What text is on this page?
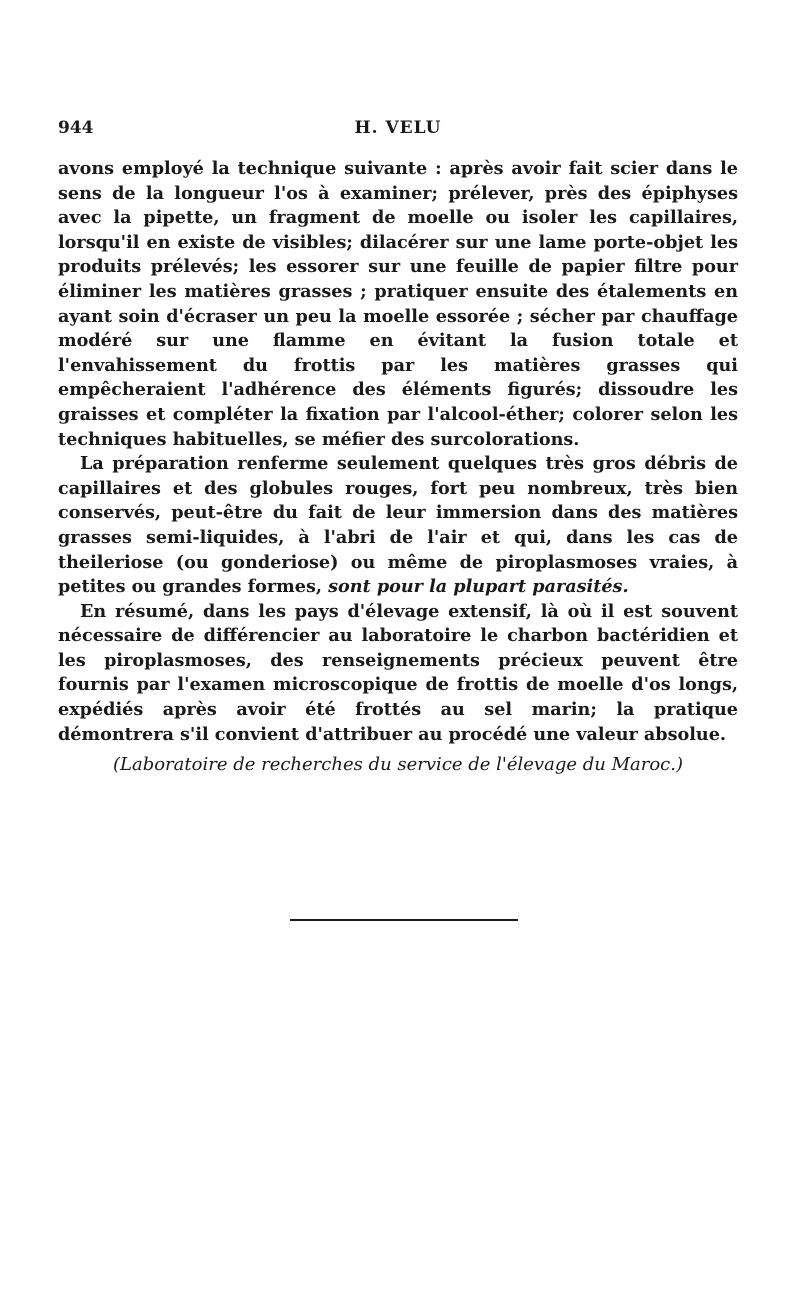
944	H. VELU

avons employé la technique suivante : après avoir fait scier dans le sens de la longueur l'os à examiner; prélever, près des épiphyses avec la pipette, un fragment de moelle ou isoler les capillaires, lorsqu'il en existe de visibles; dilacérer sur une lame porte-objet les produits prélevés; les essorer sur une feuille de papier filtre pour éliminer les matières grasses ; pratiquer ensuite des étalements en ayant soin d'écraser un peu la moelle essorée ; sécher par chauffage modéré sur une flamme en évitant la fusion totale et l'envahissement du frottis par les matières grasses qui empêcheraient l'adhérence des éléments figurés; dissoudre les graisses et compléter la fixation par l'alcool-éther; colorer selon les techniques habituelles, se méfier des surcolorations.

La préparation renferme seulement quelques très gros débris de capillaires et des globules rouges, fort peu nombreux, très bien conservés, peut-être du fait de leur immersion dans des matières grasses semi-liquides, à l'abri de l'air et qui, dans les cas de theileriose (ou gonderiose) ou même de piroplasmoses vraies, à petites ou grandes formes, sont pour la plupart parasités.

En résumé, dans les pays d'élevage extensif, là où il est souvent nécessaire de différencier au laboratoire le charbon bactéridien et les piroplasmoses, des renseignements précieux peuvent être fournis par l'examen microscopique de frottis de moelle d'os longs, expédiés après avoir été frottés au sel marin; la pratique démontrera s'il convient d'attribuer au procédé une valeur absolue.

(Laboratoire de recherches du service de l'élevage du Maroc.)
